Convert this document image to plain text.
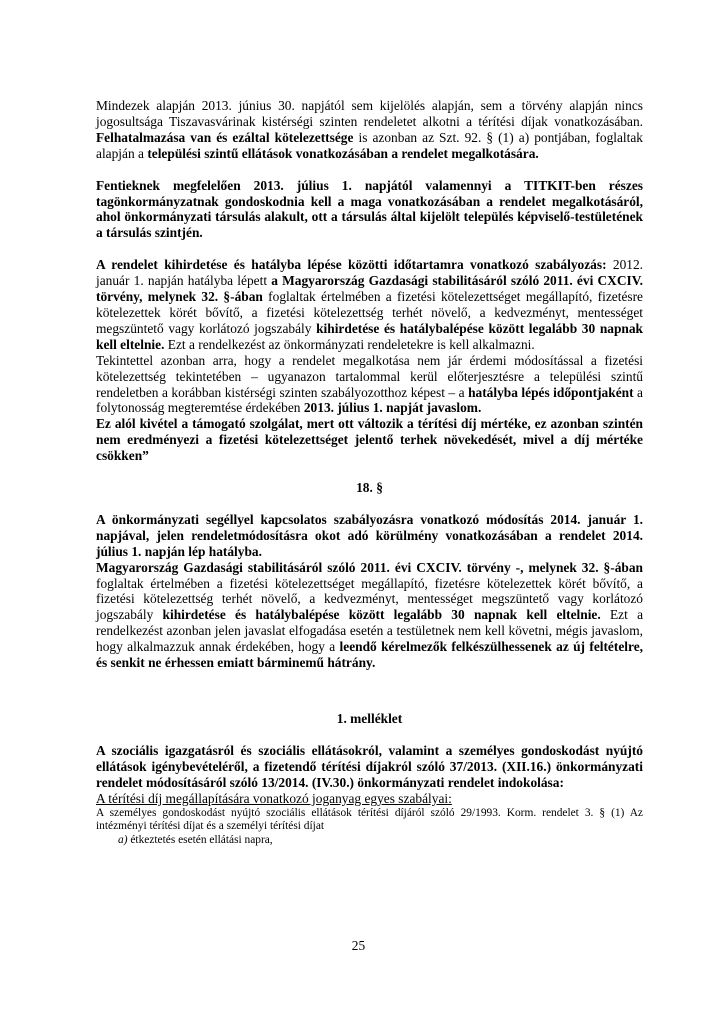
Mindezek alapján 2013. június 30. napjától sem kijelölés alapján, sem a törvény alapján nincs jogosultsága Tiszavasvárinak kistérségi szinten rendeletet alkotni a térítési díjak vonatkozásában. Felhatalmazása van és ezáltal kötelezettsége is azonban az Szt. 92. § (1) a) pontjában, foglaltak alapján a települési szintű ellátások vonatkozásában a rendelet megalkotására.

Fentieknek megfelelően 2013. július 1. napjától valamennyi a TITKIT-ben részes tagönkormányzatnak gondoskodnia kell a maga vonatkozásában a rendelet megalkotásáról, ahol önkormányzati társulás alakult, ott a társulás által kijelölt település képviselő-testületének a társulás szintjén.

A rendelet kihirdetése és hatályba lépése közötti időtartamra vonatkozó szabályozás: 2012. január 1. napján hatályba lépett a Magyarország Gazdasági stabilitásáról szóló 2011. évi CXCIV. törvény, melynek 32. §-ában foglaltak értelmében a fizetési kötelezettséget megállapító, fizetésre kötelezettek körét bővítő, a fizetési kötelezettség terhét növelő, a kedvezményt, mentességet megszüntető vagy korlátozó jogszabály kihirdetése és hatálybalépése között legalább 30 napnak kell eltelnie. Ezt a rendelkezést az önkormányzati rendeletekre is kell alkalmazni.

Tekintettel azonban arra, hogy a rendelet megalkotása nem jár érdemi módosítással a fizetési kötelezettség tekintetében – ugyanazon tartalommal kerül előterjesztésre a települési szintű rendeletben a korábban kistérségi szinten szabályozotthoz képest – a hatályba lépés időpontjaként a folytonosság megteremtése érdekében 2013. július 1. napját javaslom.

Ez alól kivétel a támogató szolgálat, mert ott változik a térítési díj mértéke, ez azonban szintén nem eredményezi a fizetési kötelezettséget jelentő terhek növekedését, mivel a díj mértéke csökken”

18. §

A önkormányzati segéllyel kapcsolatos szabályozásra vonatkozó módosítás 2014. január 1. napjával, jelen rendeletmódosításra okot adó körülmény vonatkozásában a rendelet 2014. július 1. napján lép hatályba.

Magyarország Gazdasági stabilitásáról szóló 2011. évi CXCIV. törvény -, melynek 32. §-ában foglaltak értelmében a fizetési kötelezettséget megállapító, fizetésre kötelezettek körét bővítő, a fizetési kötelezettség terhét növelő, a kedvezményt, mentességet megszüntető vagy korlátozó jogszabály kihirdetése és hatálybalépése között legalább 30 napnak kell eltelnie. Ezt a rendelkezést azonban jelen javaslat elfogadása esetén a testületnek nem kell követni, mégis javaslom, hogy alkalmazzuk annak érdekében, hogy a leendő kérelmezők felkészülhessenek az új feltételre, és senkit ne érhessen emiatt bárminemű hátrány.

1. melléklet

A szociális igazgatásról és szociális ellátásokról, valamint a személyes gondoskodást nyújtó ellátások igénybevételéről, a fizetendő térítési díjakról szóló 37/2013. (XII.16.) önkormányzati rendelet módosításáról szóló 13/2014. (IV.30.) önkormányzati rendelet indokolása:

A térítési díj megállapítására vonatkozó joganyag egyes szabályai:

A személyes gondoskodást nyújtó szociális ellátások térítési díjáról szóló 29/1993. Korm. rendelet 3. § (1) Az intézményi térítési díjat és a személyi térítési díjat

a) étkeztetés esetén ellátási napra,

25
